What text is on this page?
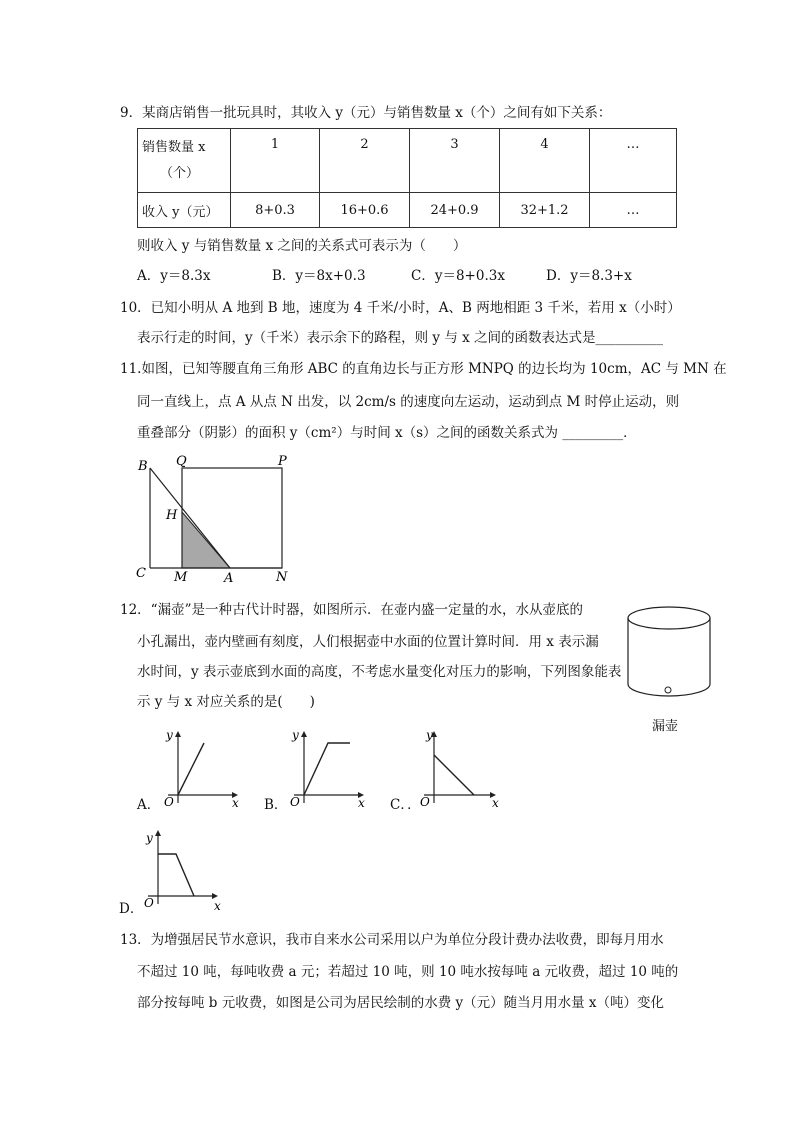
9．某商店销售一批玩具时，其收入 y（元）与销售数量 x（个）之间有如下关系：
销售数量 x
（个）	1	2	3	4	…
收入 y（元）	8+0.3	16+0.6	24+0.9	32+1.2	…
则收入 y 与销售数量 x 之间的关系式可表示为（　　）
A．y＝8.3x	B．y＝8x+0.3	C．y＝8+0.3x	D．y＝8.3+x
10．已知小明从 A 地到 B 地，速度为 4 千米/小时，A、B 两地相距 3 千米，若用 x（小时）
表示行走的时间，y（千米）表示余下的路程，则 y 与 x 之间的函数表达式是__________
11.如图，已知等腰直角三角形 ABC 的直角边长与正方形 MNPQ 的边长均为 10cm，AC 与 MN 在
同一直线上，点 A 从点 N 出发，以 2cm/s 的速度向左运动，运动到点 M 时停止运动，则
重叠部分（阴影）的面积 y（cm²）与时间 x（s）之间的函数关系式为 _________．
B Q	P
H
C M	A	N
12．“漏壶”是一种古代计时器，如图所示．在壶内盛一定量的水，水从壶底的
小孔漏出，壶内壁画有刻度，人们根据壶中水面的位置计算时间．用 x 表示漏
水时间，y 表示壶底到水面的高度，不考虑水量变化对压力的影响，下列图象能表
示 y 与 x 对应关系的是(　　)
漏壶
A．
y
x
O	B．
y
x
O	C．．
y
x
O
D．
y
x
O
13．为增强居民节水意识，我市自来水公司采用以户为单位分段计费办法收费，即每月用水
不超过 10 吨，每吨收费 a 元；若超过 10 吨，则 10 吨水按每吨 a 元收费，超过 10 吨的
部分按每吨 b 元收费，如图是公司为居民绘制的水费 y（元）随当月用水量 x（吨）变化
